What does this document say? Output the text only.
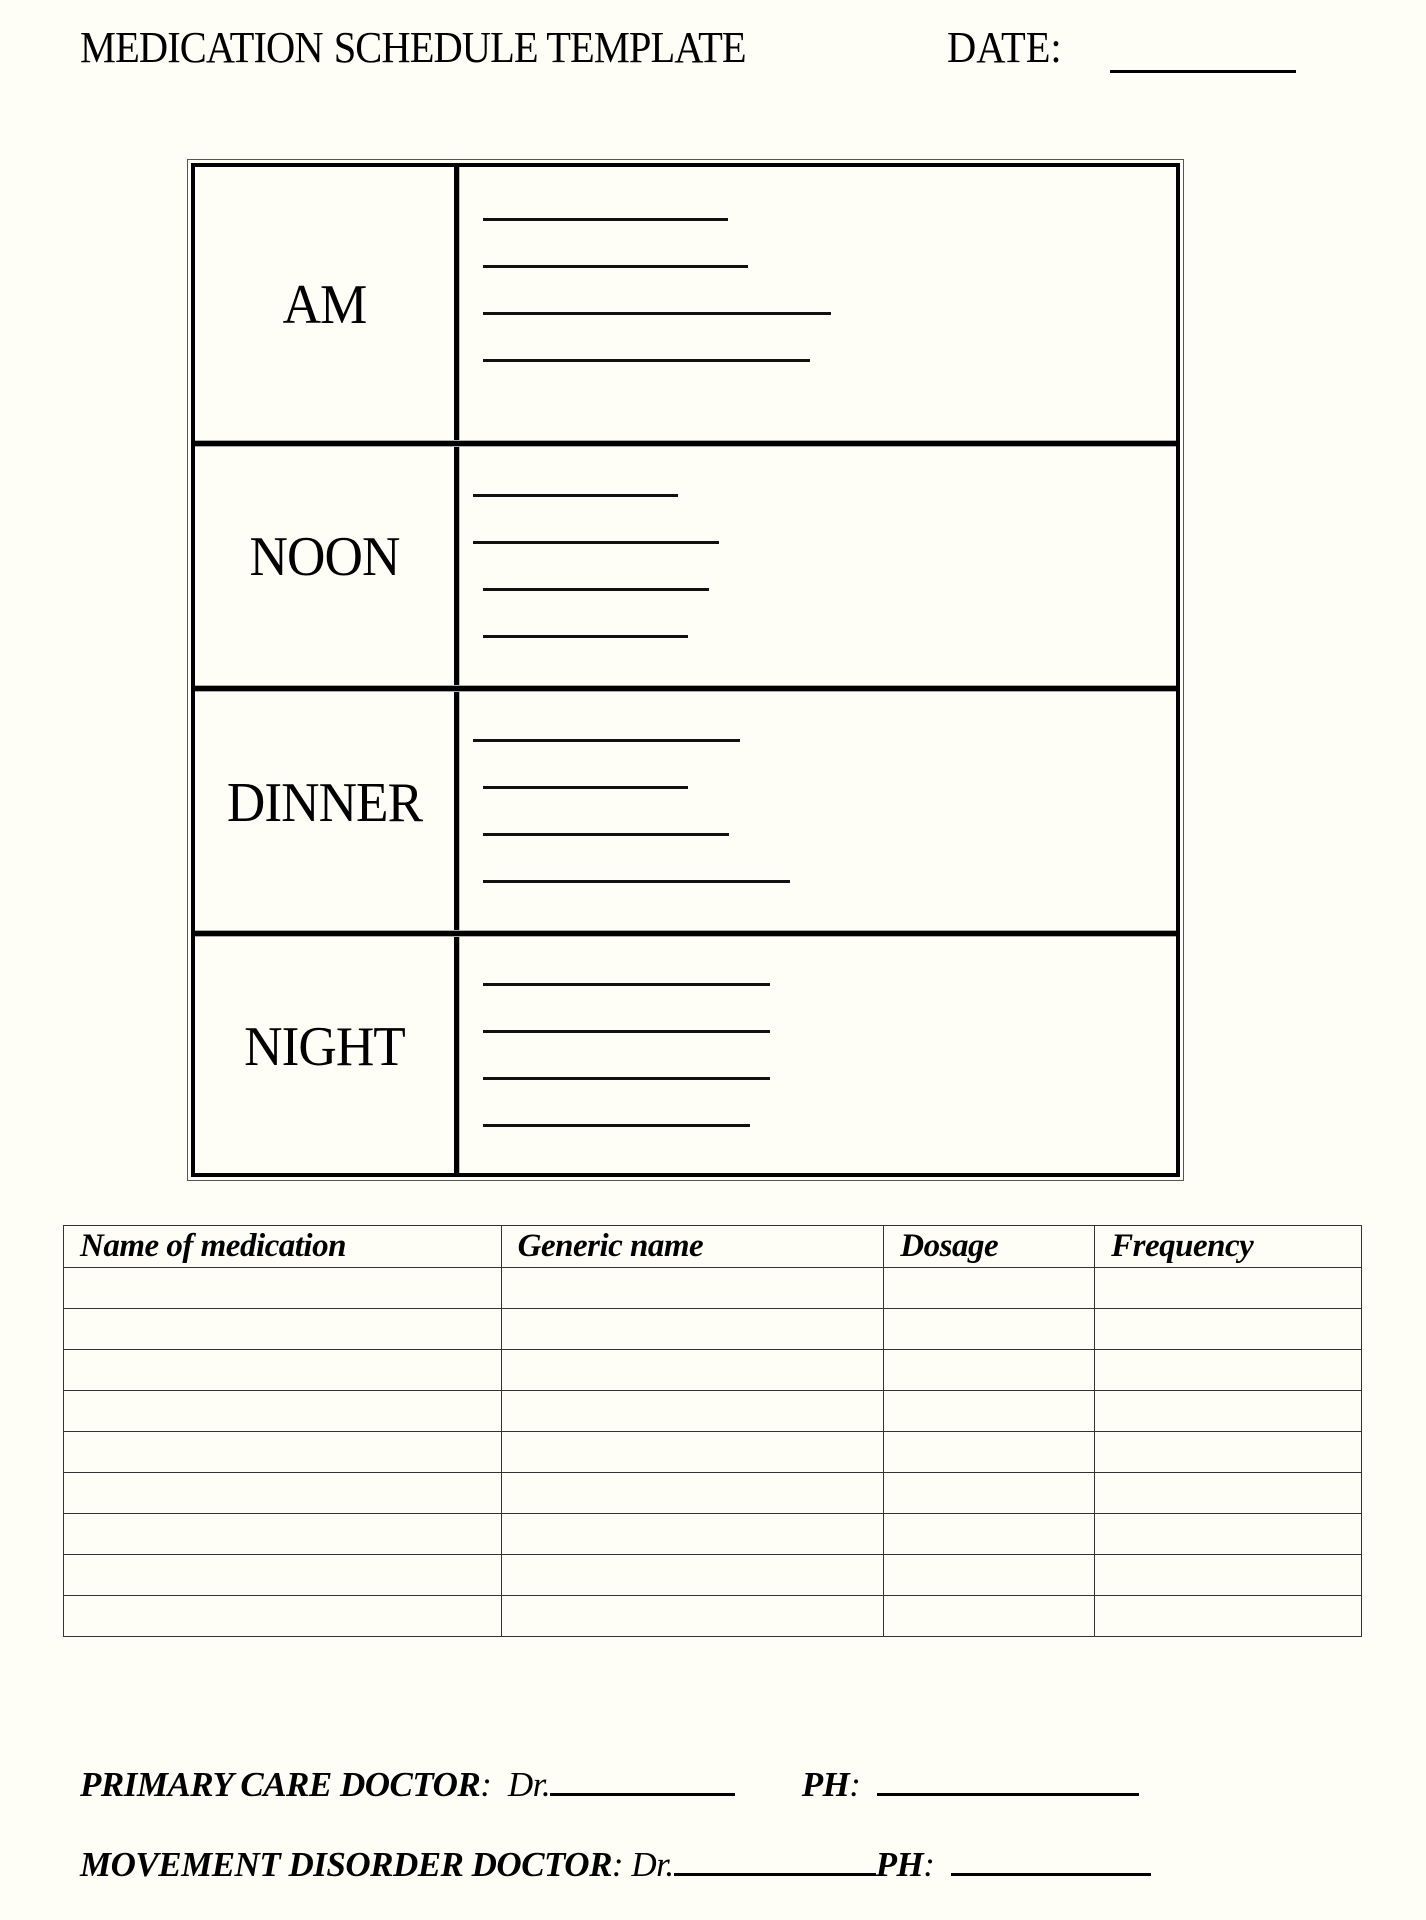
MEDICATION SCHEDULE TEMPLATE	DATE:
AM
NOON
DINNER
NIGHT
Name of medication	Generic name	Dosage	Frequency

PRIMARY CARE DOCTOR:  Dr.	PH:
MOVEMENT DISORDER DOCTOR: Dr.	PH:
